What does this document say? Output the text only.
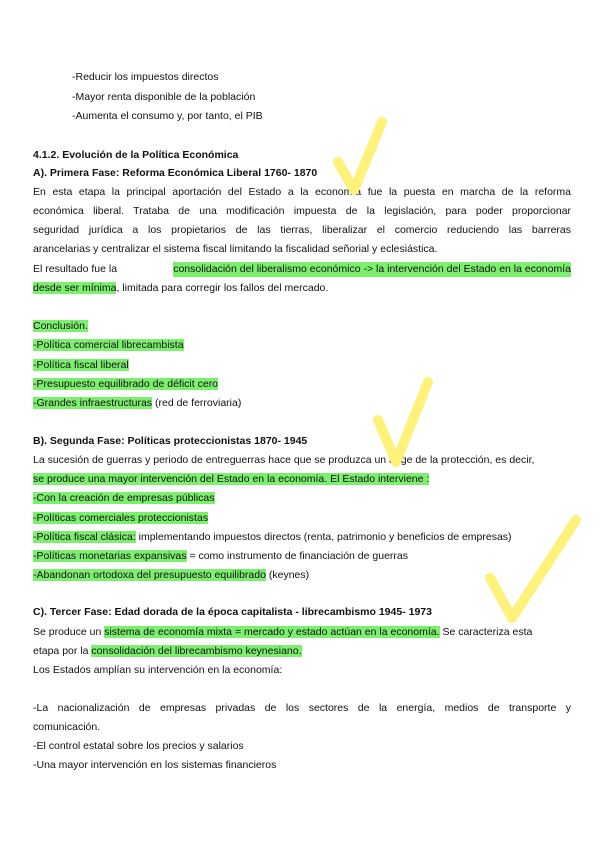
-Reducir los impuestos directos
-Mayor renta disponible de la población
-Aumenta el consumo y, por tanto, el PIB
4.1.2. Evolución de la Política Económica
A). Primera Fase: Reforma Económica Liberal 1760- 1870
En esta etapa la principal aportación del Estado a la economía fue la puesta en marcha de la reforma
económica liberal. Trataba de una modificación impuesta de la legislación, para poder proporcionar
seguridad jurídica a los propietarios de las tierras, liberalizar el comercio reduciendo las barreras
arancelarias y centralizar el sistema fiscal limitando la fiscalidad señorial y eclesiástica.
El resultado fue la	consolidación del liberalismo económico -> la intervención del Estado en la economía
desde ser mínima, limitada para corregir los fallos del mercado.
Conclusión.
-Política comercial librecambista
-Política fiscal liberal
-Presupuesto equilibrado de déficit cero
-Grandes infraestructuras (red de ferroviaria)
B). Segunda Fase: Políticas proteccionistas 1870- 1945
La sucesión de guerras y periodo de entreguerras hace que se produzca un auge de la protección, es decir,
se produce una mayor intervención del Estado en la economía. El Estado interviene :
-Con la creación de empresas públicas
-Políticas comerciales proteccionistas
-Política fiscal clásica: implementando impuestos directos (renta, patrimonio y beneficios de empresas)
-Políticas monetarias expansivas = como instrumento de financiación de guerras
-Abandonan ortodoxa del presupuesto equilibrado (keynes)
C). Tercer Fase: Edad dorada de la época capitalista - librecambismo 1945- 1973
Se produce un sistema de economía mixta = mercado y estado actúan en la economía. Se caracteriza esta
etapa por la consolidación del librecambismo keynesiano.
Los Estados amplían su intervención en la economía:
-La nacionalización de empresas privadas de los sectores de la energía, medios de transporte y
comunicación.
-El control estatal sobre los precios y salarios
-Una mayor intervención en los sistemas financieros
